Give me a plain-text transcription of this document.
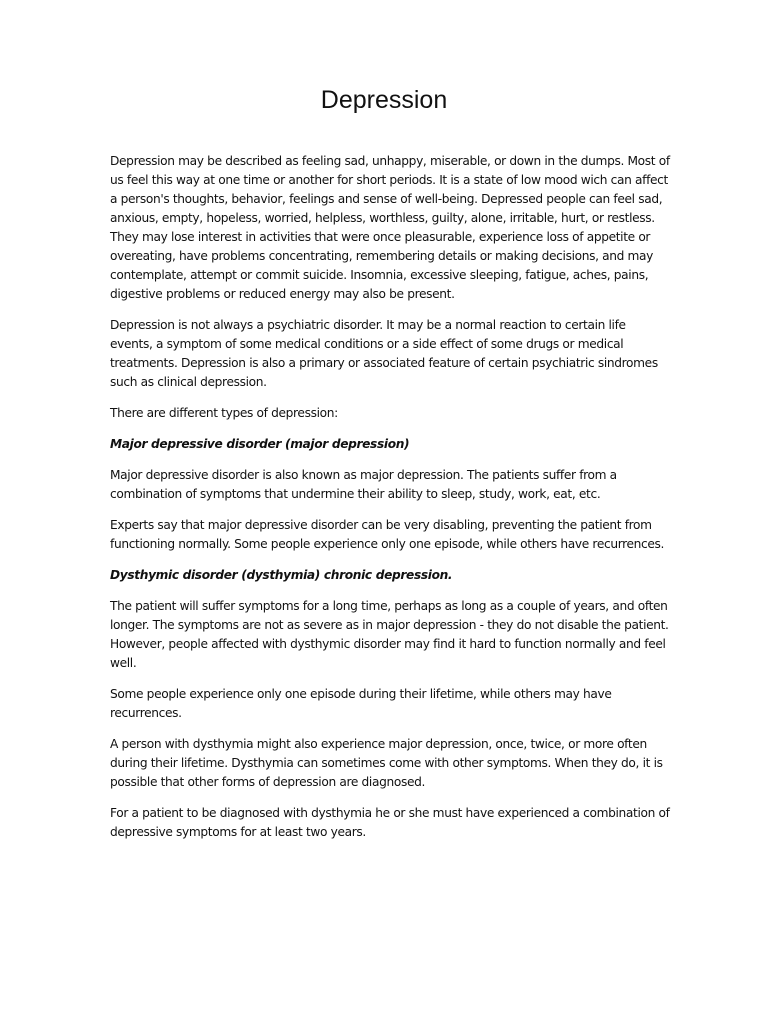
Depression

Depression may be described as feeling sad, unhappy, miserable, or down in the dumps. Most of us feel this way at one time or another for short periods. It is a state of low mood wich can affect a person's thoughts, behavior, feelings and sense of well-being. Depressed people can feel sad, anxious, empty, hopeless, worried, helpless, worthless, guilty, alone, irritable, hurt, or restless. They may lose interest in activities that were once pleasurable, experience loss of appetite or overeating, have problems concentrating, remembering details or making decisions, and may contemplate, attempt or commit suicide. Insomnia, excessive sleeping, fatigue, aches, pains, digestive problems or reduced energy may also be present.

Depression is not always a psychiatric disorder. It may be a normal reaction to certain life events, a symptom of some medical conditions or a side effect of some drugs or medical treatments. Depression is also a primary or associated feature of certain psychiatric sindromes such as clinical depression.

There are different types of depression:

Major depressive disorder (major depression)

Major depressive disorder is also known as major depression. The patients suffer from a combination of symptoms that undermine their ability to sleep, study, work, eat, etc.

Experts say that major depressive disorder can be very disabling, preventing the patient from functioning normally. Some people experience only one episode, while others have recurrences.

Dysthymic disorder (dysthymia) chronic depression.

The patient will suffer symptoms for a long time, perhaps as long as a couple of years, and often longer. The symptoms are not as severe as in major depression - they do not disable the patient. However, people affected with dysthymic disorder may find it hard to function normally and feel well.

Some people experience only one episode during their lifetime, while others may have recurrences.

A person with dysthymia might also experience major depression, once, twice, or more often during their lifetime. Dysthymia can sometimes come with other symptoms. When they do, it is possible that other forms of depression are diagnosed.

For a patient to be diagnosed with dysthymia he or she must have experienced a combination of depressive symptoms for at least two years.
